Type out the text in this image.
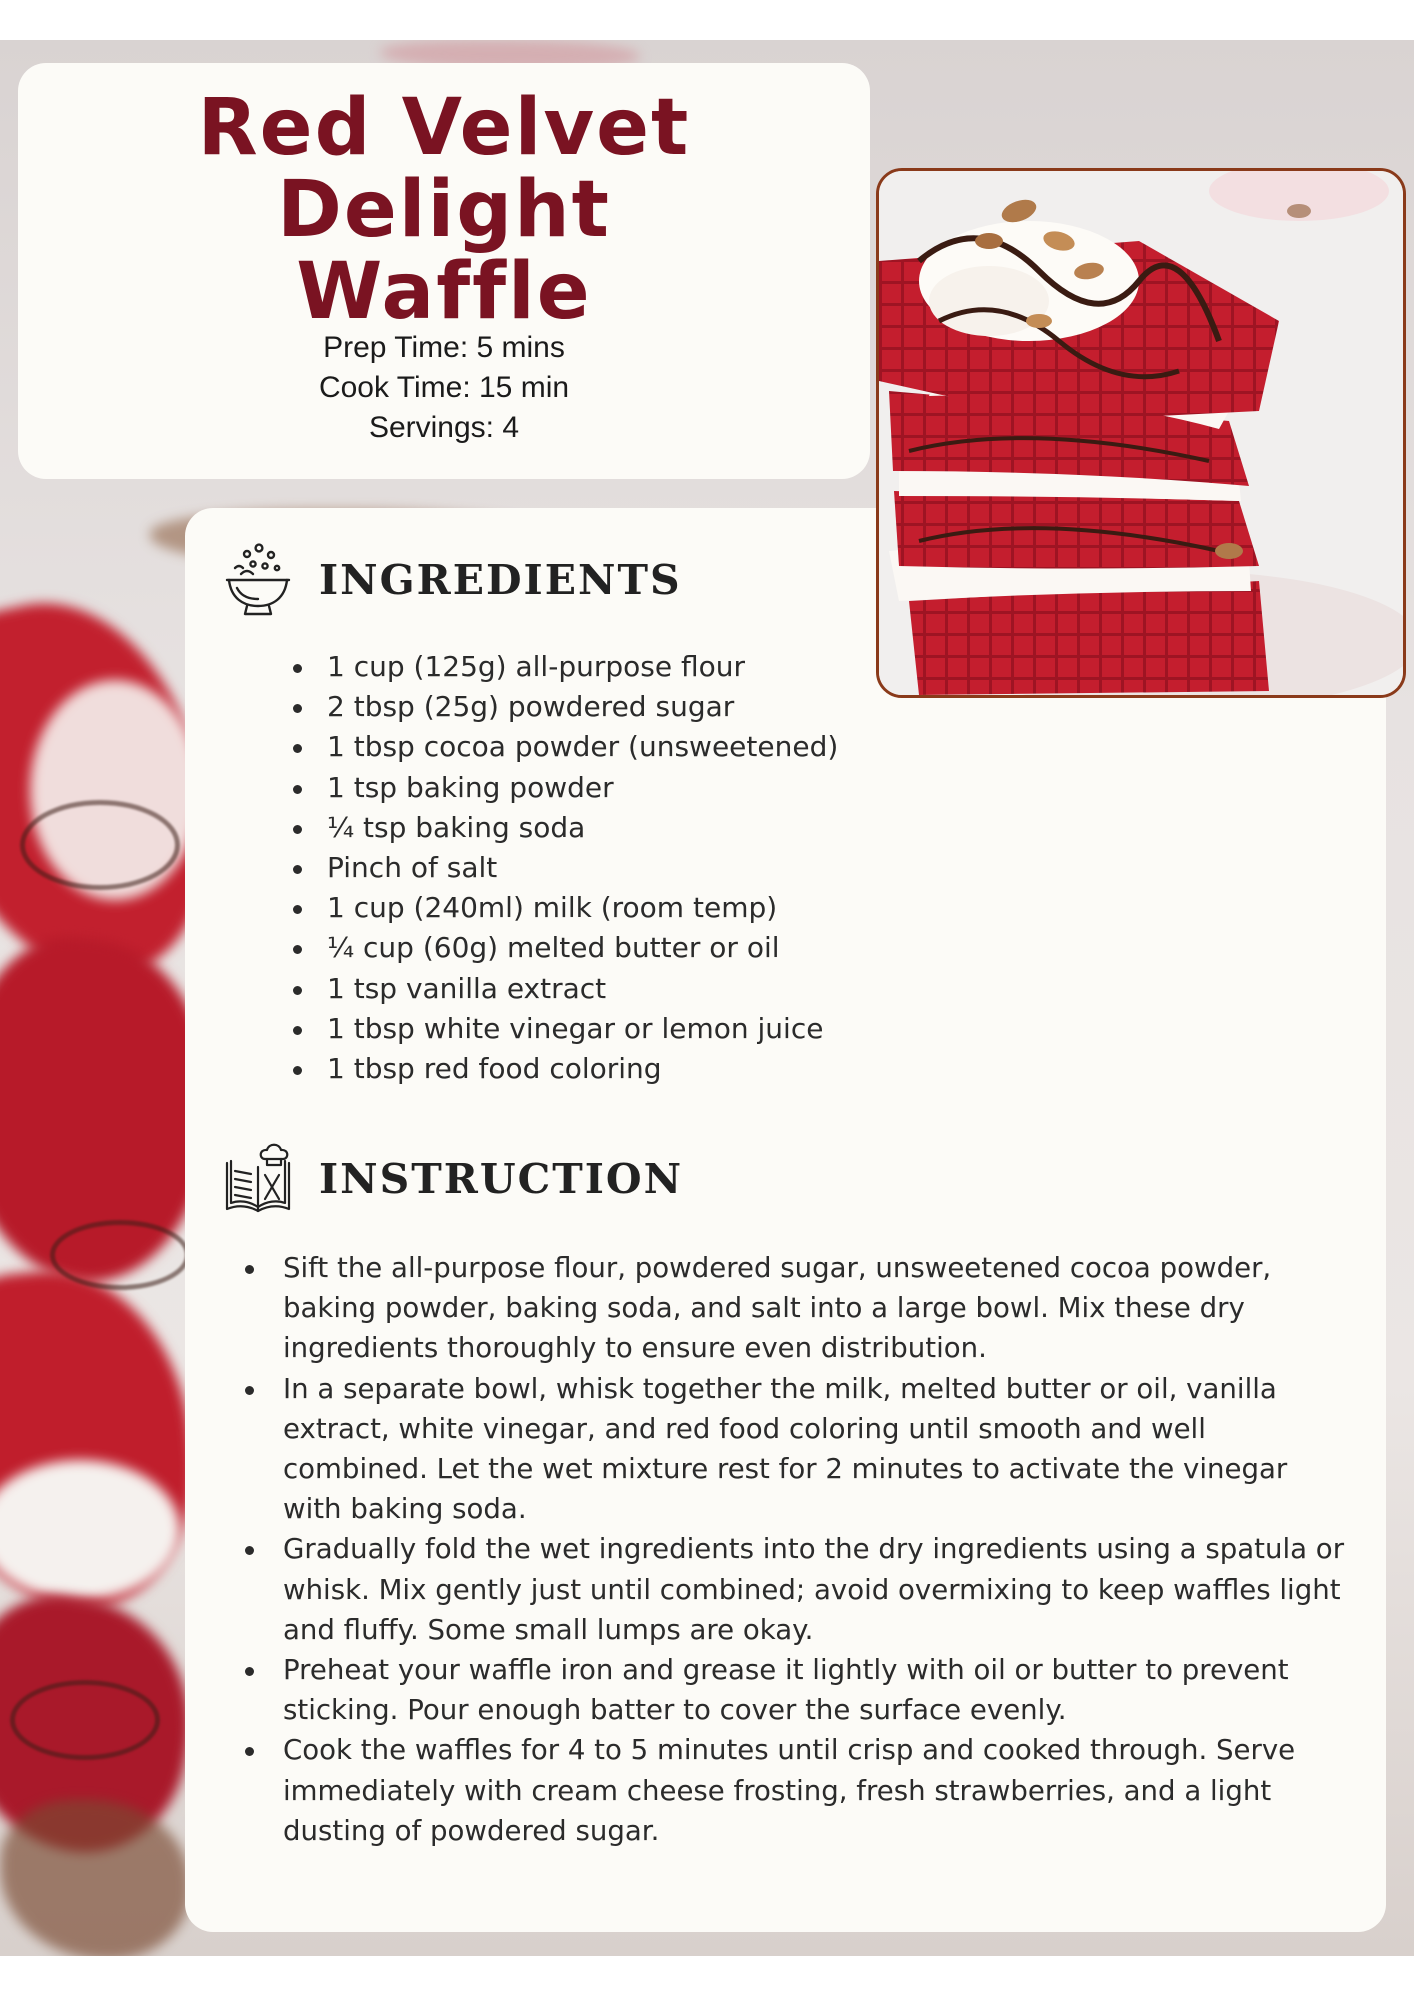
Red Velvet Delight
Waffle
Prep Time: 5 mins
Cook Time: 15 min
Servings: 4
INGREDIENTS
1 cup (125g) all-purpose flour
2 tbsp (25g) powdered sugar
1 tbsp cocoa powder (unsweetened)
1 tsp baking powder
¼ tsp baking soda
Pinch of salt
1 cup (240ml) milk (room temp)
¼ cup (60g) melted butter or oil
1 tsp vanilla extract
1 tbsp white vinegar or lemon juice
1 tbsp red food coloring
INSTRUCTION
Sift the all-purpose flour, powdered sugar, unsweetened cocoa powder, baking powder, baking soda, and salt into a large bowl. Mix these dry ingredients thoroughly to ensure even distribution.
In a separate bowl, whisk together the milk, melted butter or oil, vanilla extract, white vinegar, and red food coloring until smooth and well combined. Let the wet mixture rest for 2 minutes to activate the vinegar with baking soda.
Gradually fold the wet ingredients into the dry ingredients using a spatula or whisk. Mix gently just until combined; avoid overmixing to keep waffles light and fluffy. Some small lumps are okay.
Preheat your waffle iron and grease it lightly with oil or butter to prevent sticking. Pour enough batter to cover the surface evenly.
Cook the waffles for 4 to 5 minutes until crisp and cooked through. Serve immediately with cream cheese frosting, fresh strawberries, and a light dusting of powdered sugar.
